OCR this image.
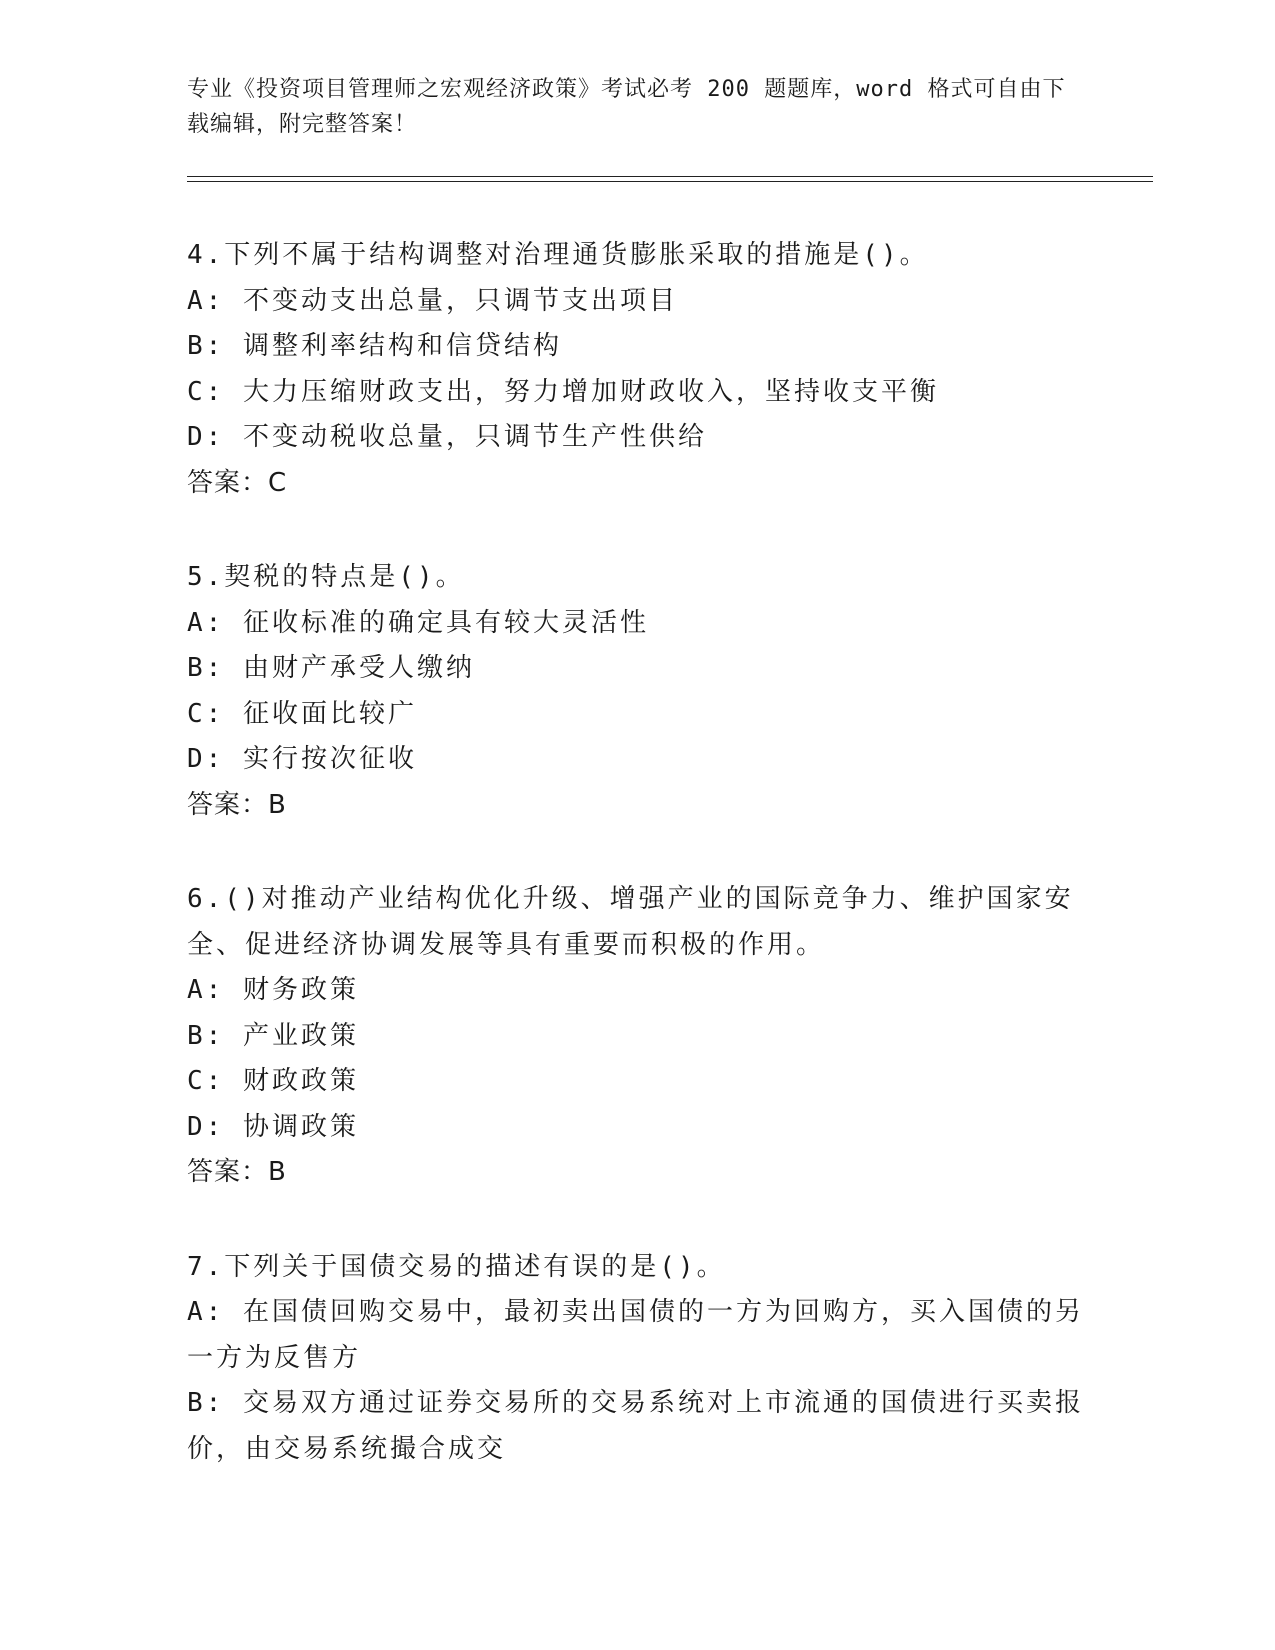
专业《投资项目管理师之宏观经济政策》考试必考 200 题题库，word 格式可自由下载编辑，附完整答案！
4.下列不属于结构调整对治理通货膨胀采取的措施是()。
A: 不变动支出总量，只调节支出项目
B: 调整利率结构和信贷结构
C: 大力压缩财政支出，努力增加财政收入，坚持收支平衡
D: 不变动税收总量，只调节生产性供给
答案：C
5.契税的特点是()。
A: 征收标准的确定具有较大灵活性
B: 由财产承受人缴纳
C: 征收面比较广
D: 实行按次征收
答案：B
6.()对推动产业结构优化升级、增强产业的国际竞争力、维护国家安全、促进经济协调发展等具有重要而积极的作用。
A: 财务政策
B: 产业政策
C: 财政政策
D: 协调政策
答案：B
7.下列关于国债交易的描述有误的是()。
A: 在国债回购交易中，最初卖出国债的一方为回购方，买入国债的另一方为反售方
B: 交易双方通过证券交易所的交易系统对上市流通的国债进行买卖报价，由交易系统撮合成交
